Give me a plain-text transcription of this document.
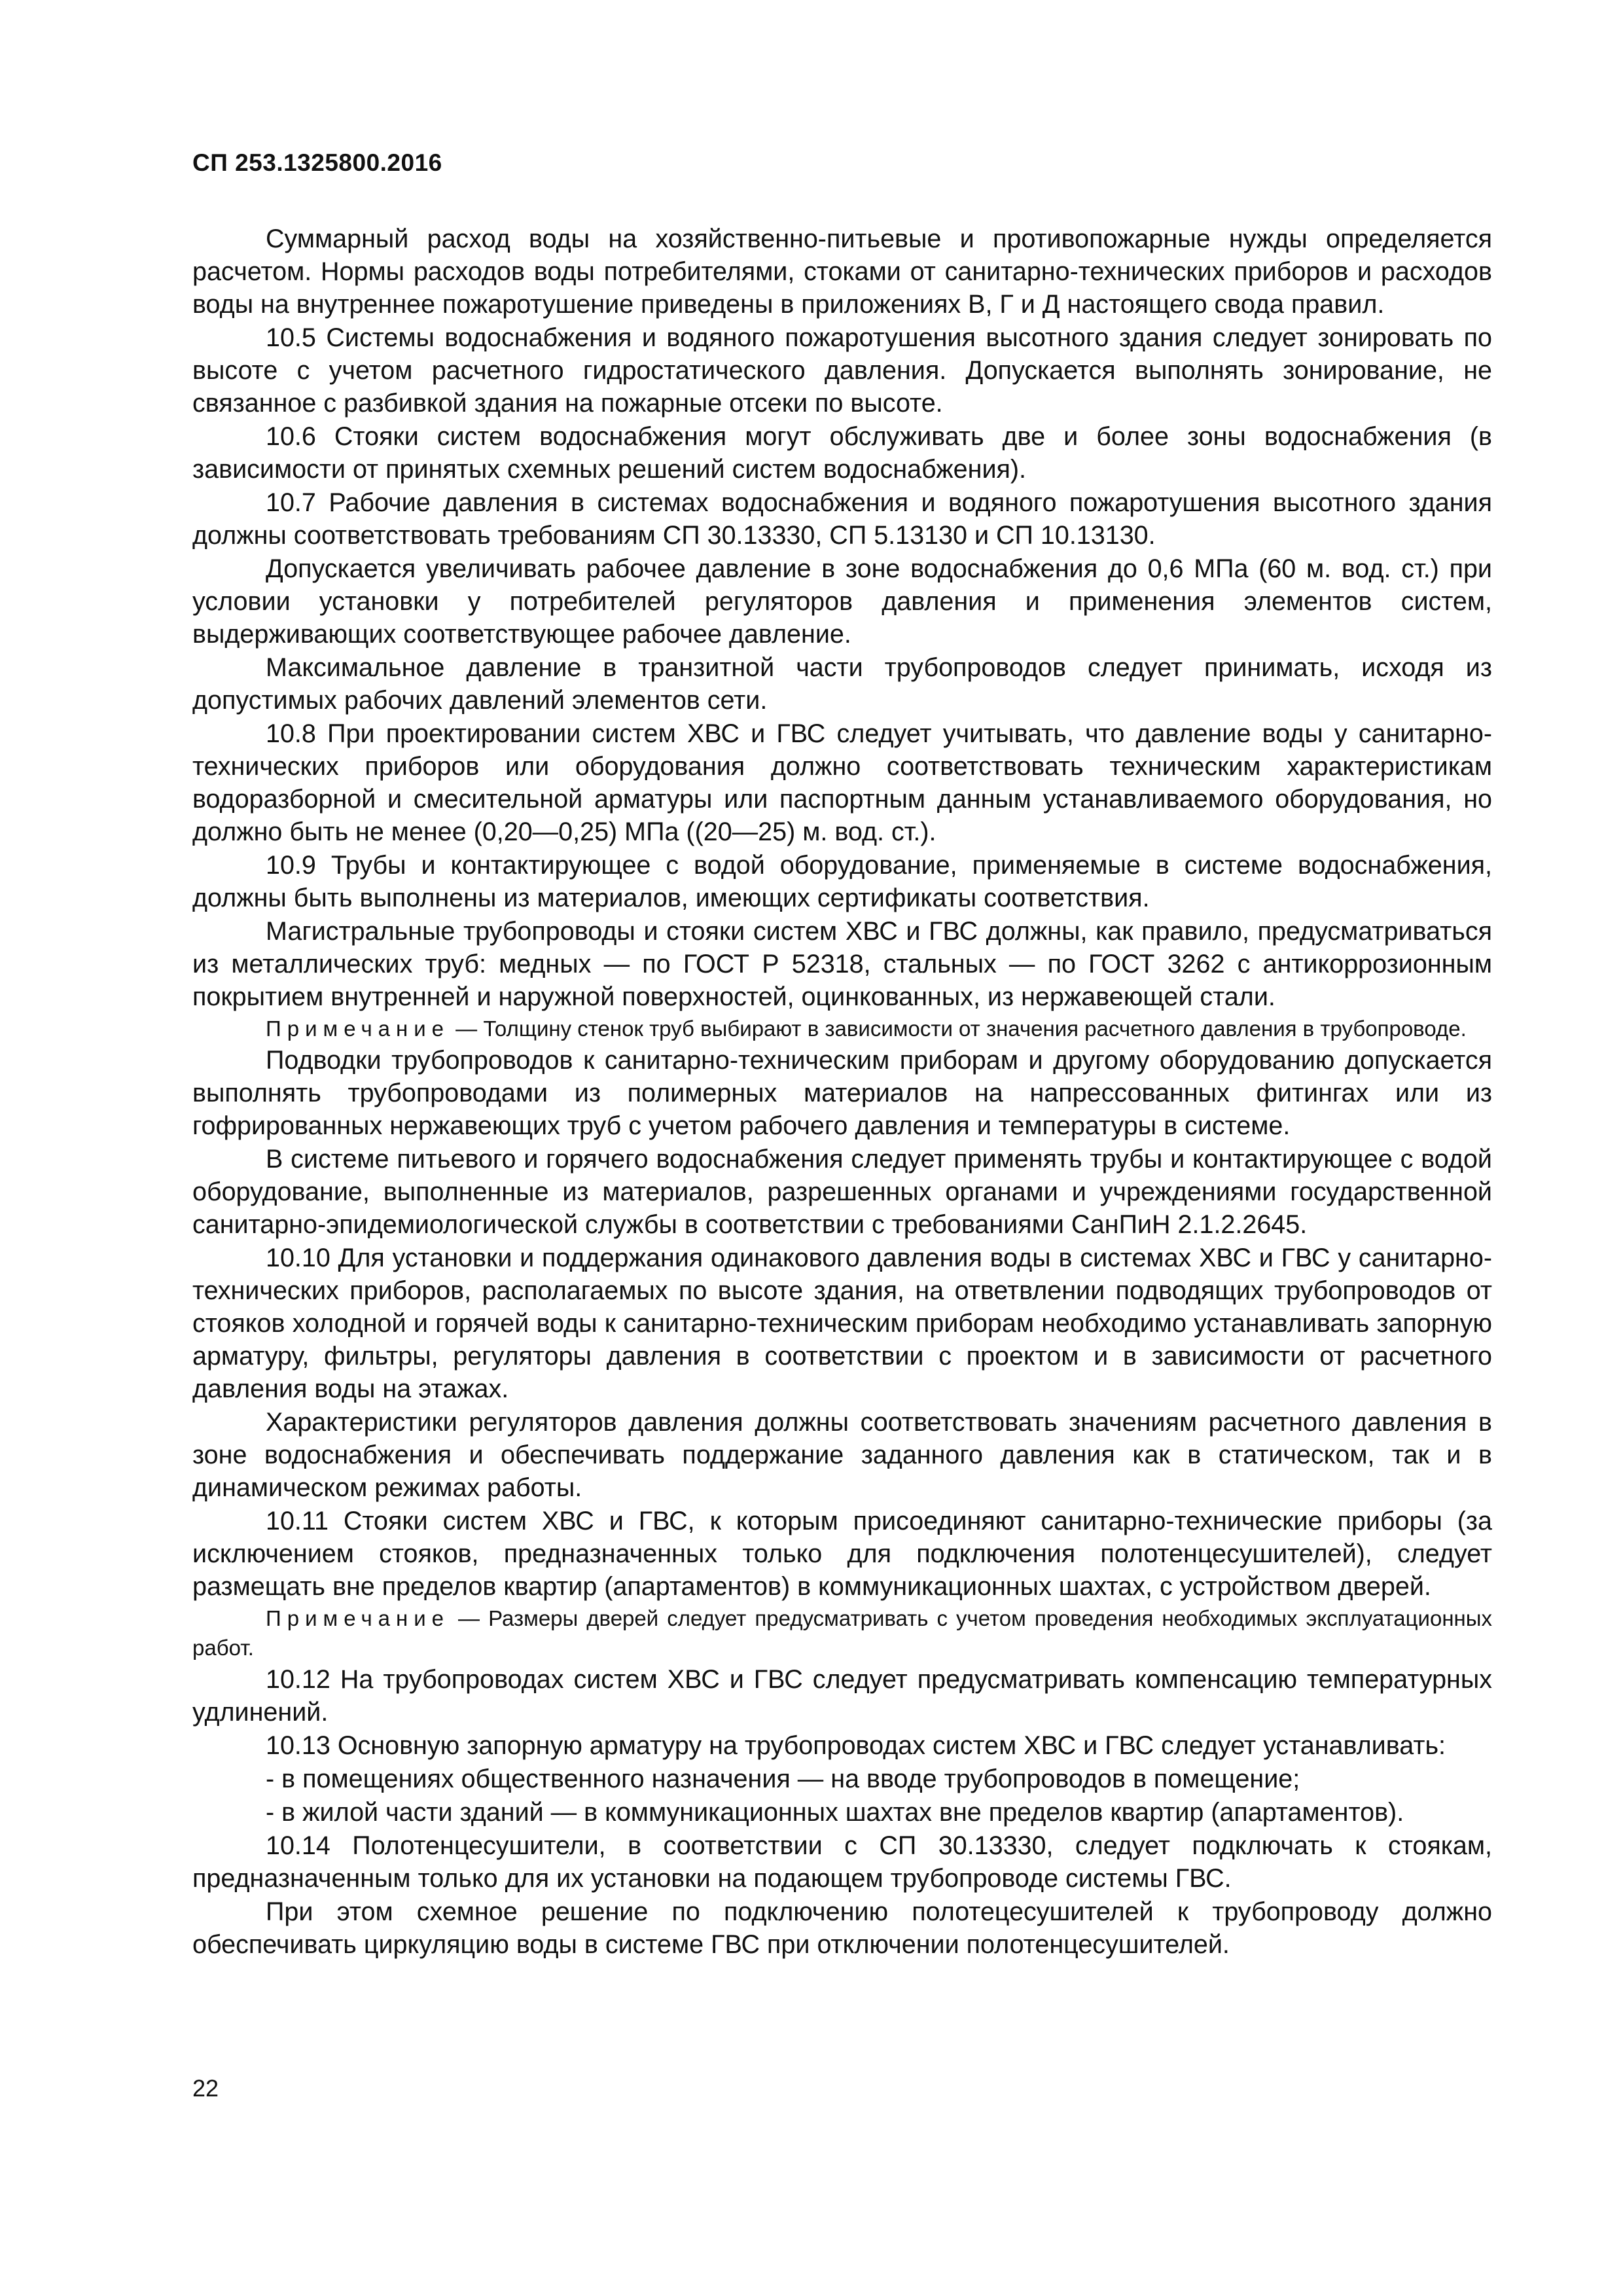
СП 253.1325800.2016

Суммарный расход воды на хозяйственно-питьевые и противопожарные нужды определяется расчетом. Нормы расходов воды потребителями, стоками от санитарно-технических приборов и расходов воды на внутреннее пожаротушение приведены в приложениях В, Г и Д настоящего свода правил.

10.5 Системы водоснабжения и водяного пожаротушения высотного здания следует зонировать по высоте с учетом расчетного гидростатического давления. Допускается выполнять зонирование, не связанное с разбивкой здания на пожарные отсеки по высоте.

10.6 Стояки систем водоснабжения могут обслуживать две и более зоны водоснабжения (в зависимости от принятых схемных решений систем водоснабжения).

10.7 Рабочие давления в системах водоснабжения и водяного пожаротушения высотного здания должны соответствовать требованиям СП 30.13330, СП 5.13130 и СП 10.13130.

Допускается увеличивать рабочее давление в зоне водоснабжения до 0,6 МПа (60 м. вод. ст.) при условии установки у потребителей регуляторов давления и применения элементов систем, выдерживающих соответствующее рабочее давление.

Максимальное давление в транзитной части трубопроводов следует принимать, исходя из допустимых рабочих давлений элементов сети.

10.8 При проектировании систем ХВС и ГВС следует учитывать, что давление воды у санитарно-технических приборов или оборудования должно соответствовать техническим характеристикам водоразборной и смесительной арматуры или паспортным данным устанавливаемого оборудования, но должно быть не менее (0,20—0,25) МПа ((20—25) м. вод. ст.).

10.9 Трубы и контактирующее с водой оборудование, применяемые в системе водоснабжения, должны быть выполнены из материалов, имеющих сертификаты соответствия.

Магистральные трубопроводы и стояки систем ХВС и ГВС должны, как правило, предусматриваться из металлических труб: медных — по ГОСТ Р 52318, стальных — по ГОСТ 3262 с антикоррозионным покрытием внутренней и наружной поверхностей, оцинкованных, из нержавеющей стали.

Примечание — Толщину стенок труб выбирают в зависимости от значения расчетного давления в трубопроводе.

Подводки трубопроводов к санитарно-техническим приборам и другому оборудованию допускается выполнять трубопроводами из полимерных материалов на напрессованных фитингах или из гофрированных нержавеющих труб с учетом рабочего давления и температуры в системе.

В системе питьевого и горячего водоснабжения следует применять трубы и контактирующее с водой оборудование, выполненные из материалов, разрешенных органами и учреждениями государственной санитарно-эпидемиологической службы в соответствии с требованиями СанПиН 2.1.2.2645.

10.10 Для установки и поддержания одинакового давления воды в системах ХВС и ГВС у санитарно-технических приборов, располагаемых по высоте здания, на ответвлении подводящих трубопроводов от стояков холодной и горячей воды к санитарно-техническим приборам необходимо устанавливать запорную арматуру, фильтры, регуляторы давления в соответствии с проектом и в зависимости от расчетного давления воды на этажах.

Характеристики регуляторов давления должны соответствовать значениям расчетного давления в зоне водоснабжения и обеспечивать поддержание заданного давления как в статическом, так и в динамическом режимах работы.

10.11 Стояки систем ХВС и ГВС, к которым присоединяют санитарно-технические приборы (за исключением стояков, предназначенных только для подключения полотенцесушителей), следует размещать вне пределов квартир (апартаментов) в коммуникационных шахтах, с устройством дверей.

Примечание — Размеры дверей следует предусматривать с учетом проведения необходимых эксплуатационных работ.

10.12 На трубопроводах систем ХВС и ГВС следует предусматривать компенсацию температурных удлинений.

10.13 Основную запорную арматуру на трубопроводах систем ХВС и ГВС следует устанавливать:

- в помещениях общественного назначения — на вводе трубопроводов в помещение;

- в жилой части зданий — в коммуникационных шахтах вне пределов квартир (апартаментов).

10.14 Полотенцесушители, в соответствии с СП 30.13330, следует подключать к стоякам, предназначенным только для их установки на подающем трубопроводе системы ГВС.

При этом схемное решение по подключению полотецесушителей к трубопроводу должно обеспечивать циркуляцию воды в системе ГВС при отключении полотенцесушителей.

22
